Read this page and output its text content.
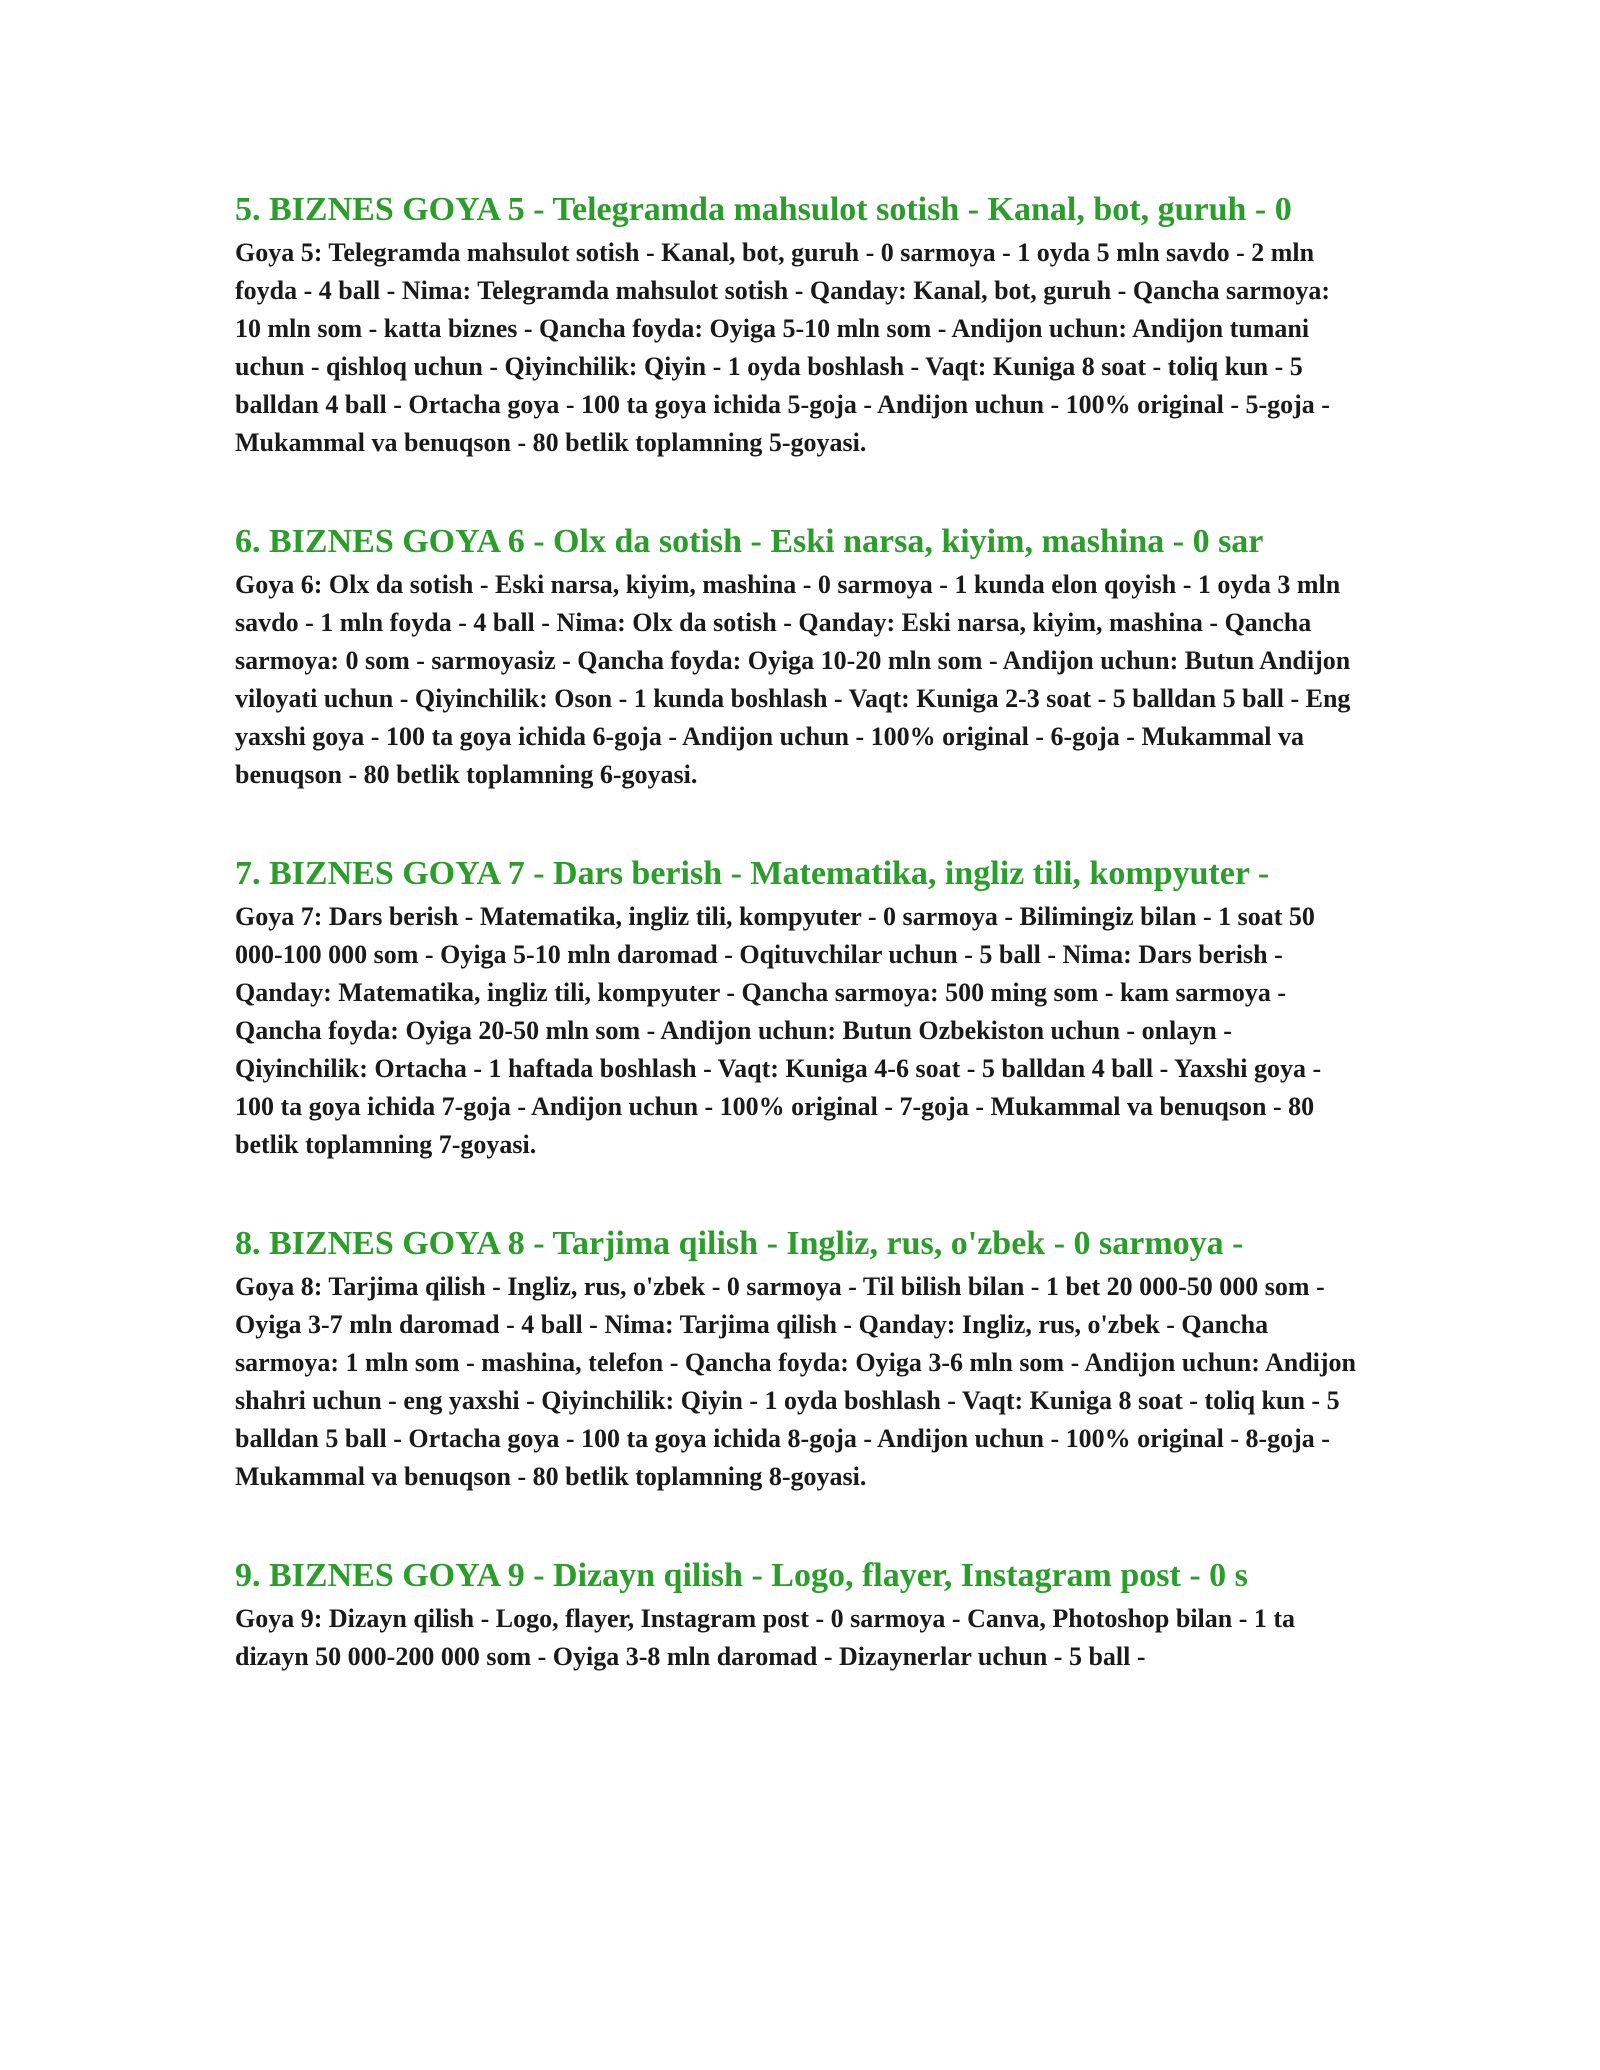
5. BIZNES GOYA 5 - Telegramda mahsulot sotish - Kanal, bot, guruh - 0

Goya 5: Telegramda mahsulot sotish - Kanal, bot, guruh - 0 sarmoya - 1 oyda 5 mln savdo - 2 mln foyda - 4 ball - Nima: Telegramda mahsulot sotish - Qanday: Kanal, bot, guruh - Qancha sarmoya: 10 mln som - katta biznes - Qancha foyda: Oyiga 5-10 mln som - Andijon uchun: Andijon tumani uchun - qishloq uchun - Qiyinchilik: Qiyin - 1 oyda boshlash - Vaqt: Kuniga 8 soat - toliq kun - 5 balldan 4 ball - Ortacha goya - 100 ta goya ichida 5-goja - Andijon uchun - 100% original - 5-goja - Mukammal va benuqson - 80 betlik toplamning 5-goyasi.

6. BIZNES GOYA 6 - Olx da sotish - Eski narsa, kiyim, mashina - 0 sar

Goya 6: Olx da sotish - Eski narsa, kiyim, mashina - 0 sarmoya - 1 kunda elon qoyish - 1 oyda 3 mln savdo - 1 mln foyda - 4 ball - Nima: Olx da sotish - Qanday: Eski narsa, kiyim, mashina - Qancha sarmoya: 0 som - sarmoyasiz - Qancha foyda: Oyiga 10-20 mln som - Andijon uchun: Butun Andijon viloyati uchun - Qiyinchilik: Oson - 1 kunda boshlash - Vaqt: Kuniga 2-3 soat - 5 balldan 5 ball - Eng yaxshi goya - 100 ta goya ichida 6-goja - Andijon uchun - 100% original - 6-goja - Mukammal va benuqson - 80 betlik toplamning 6-goyasi.

7. BIZNES GOYA 7 - Dars berish - Matematika, ingliz tili, kompyuter -

Goya 7: Dars berish - Matematika, ingliz tili, kompyuter - 0 sarmoya - Bilimingiz bilan - 1 soat 50 000-100 000 som - Oyiga 5-10 mln daromad - Oqituvchilar uchun - 5 ball - Nima: Dars berish - Qanday: Matematika, ingliz tili, kompyuter - Qancha sarmoya: 500 ming som - kam sarmoya - Qancha foyda: Oyiga 20-50 mln som - Andijon uchun: Butun Ozbekiston uchun - onlayn - Qiyinchilik: Ortacha - 1 haftada boshlash - Vaqt: Kuniga 4-6 soat - 5 balldan 4 ball - Yaxshi goya - 100 ta goya ichida 7-goja - Andijon uchun - 100% original - 7-goja - Mukammal va benuqson - 80 betlik toplamning 7-goyasi.

8. BIZNES GOYA 8 - Tarjima qilish - Ingliz, rus, o'zbek - 0 sarmoya -

Goya 8: Tarjima qilish - Ingliz, rus, o'zbek - 0 sarmoya - Til bilish bilan - 1 bet 20 000-50 000 som - Oyiga 3-7 mln daromad - 4 ball - Nima: Tarjima qilish - Qanday: Ingliz, rus, o'zbek - Qancha sarmoya: 1 mln som - mashina, telefon - Qancha foyda: Oyiga 3-6 mln som - Andijon uchun: Andijon shahri uchun - eng yaxshi - Qiyinchilik: Qiyin - 1 oyda boshlash - Vaqt: Kuniga 8 soat - toliq kun - 5 balldan 5 ball - Ortacha goya - 100 ta goya ichida 8-goja - Andijon uchun - 100% original - 8-goja - Mukammal va benuqson - 80 betlik toplamning 8-goyasi.

9. BIZNES GOYA 9 - Dizayn qilish - Logo, flayer, Instagram post - 0 s

Goya 9: Dizayn qilish - Logo, flayer, Instagram post - 0 sarmoya - Canva, Photoshop bilan - 1 ta dizayn 50 000-200 000 som - Oyiga 3-8 mln daromad - Dizaynerlar uchun - 5 ball -
